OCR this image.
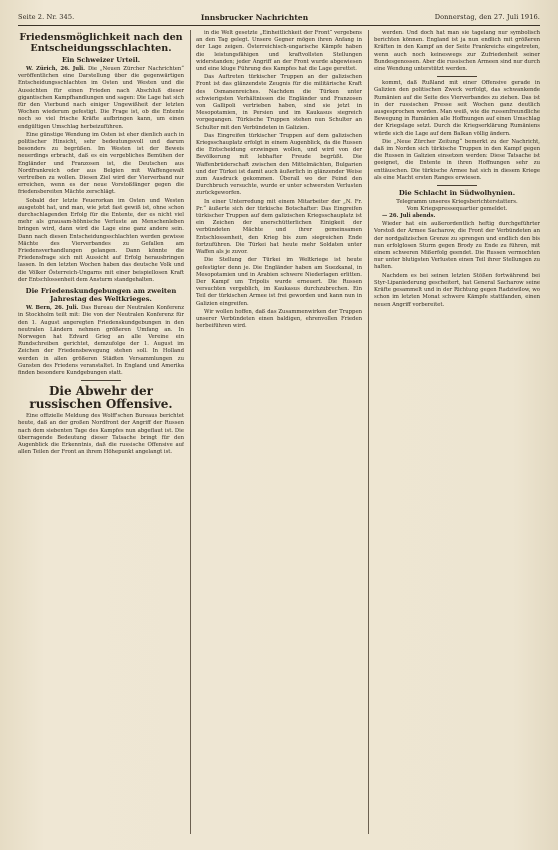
Seite 2. Nr. 345.	Innsbrucker Nachrichten	Donnerstag, den 27. Juli 1916.
Friedensmöglichkeit nach den Entscheidungsschlachten.
Ein Schweizer Urteil.

W. Zürich, 26. Juli. Die „Neuen Zürcher Nachrichten“ veröffentlichen eine Darstellung über die gegenwärtigen Entscheidungsschlachten im Osten und Westen und die Aussichten für einen Frieden nach Abschluß dieser gigantischen Kampfhandlungen und sagen: Die Lage hat sich für den Vierbund nach einiger Ungewißheit der letzten Wochen wiederum gefestigt. Die Frage ist, ob die Entente noch so viel frische Kräfte aufbringen kann, um einen endgültigen Umschlag herbeizuführen.

Eine günstige Wendung im Osten ist eher dienlich auch in politischer Hinsicht, sehr bedeutungsvoll und darum besonders zu begrüßen. Im Westen ist der Beweis neuerdings erbracht, daß es ein vergebliches Bemühen der Engländer und Franzosen ist, die Deutschen aus Nordfrankreich oder aus Belgien mit Waffengewalt vertreiben zu wollen. Diesen Ziel wird der Vierverband nur erreichen, wenn es der neue Vorstoßfänger gegen die friedensbereiten Mächte zerschlägt.

Sobald der letzte Feuerorkan im Osten und Westen ausgetobt hat, und man, wie jetzt fast gewiß ist, ohne schon durchschlagenden Erfolg für die Entente, der es nicht viel mehr als grausam-höhnische Verluste an Menschenleben bringen wird, dann wird die Lage eine ganz andere sein. Dann nach diesen Entscheidungsschlachten werden gewisse Mächte des Vierverbandes zu Gefallen am Friedensverhandlungen gelangen. Dann könnte die Friedensfrage sich mit Aussicht auf Erfolg herausbringen lassen. In den letzten Wochen haben das deutsche Volk und die Völker Österreich-Ungarns mit einer beispiellosen Kraft der Entschlossenheit dem Ansturm standgehalten.

Die Friedenskundgebungen am zweiten Jahrestag des Weltkrieges.

W. Bern, 26. Juli. Das Bureau der Neutralen Konferenz in Stockholm teilt mit: Die von der Neutralen Konferenz für den 1. August angeregten Friedenskundgebungen in den neutralen Ländern nehmen größeren Umfang an. In Norwegen hat Edvard Grieg an alle Vereine ein Rundschreiben gerichtet, demzufolge der 1. August im Zeichen der Friedensbewegung stehen soll. In Holland werden in allen größeren Städten Versammlungen zu Gunsten des Friedens veranstaltet. In England und Amerika finden besondere Kundgebungen statt.

Die Abwehr der russischen Offensive.

Eine offizielle Meldung des Wolff'schen Bureaus berichtet heute, daß an der großen Nordfront der Angriff der Russen nach dem siebenten Tage des Kampfes nun abgeflaut ist. Die überragende Bedeutung dieser Tatsache bringt für den Augenblick die Erkenntnis, daß die russische Offensive auf allen Teilen der Front an ihrem Höhepunkt angelangt ist.

in die Welt gesetzte „Einheitlichkeit der Front“ vergebens an den Tag gelegt. Unsere Gegner mögen ihren Anfang in der Lage zeigen. Österreichisch-ungarische Kämpfe haben die leistungsfähigen und kraftvollsten Stellungen widerstanden; jeder Angriff an der Front wurde abgewiesen und eine kluge Führung des Kampfes hat die Lage gerettet.

Das Auftreten türkischer Truppen an der galizischen Front ist das glänzendste Zeugnis für die militärische Kraft des Osmanenreiches. Nachdem die Türken unter schwierigsten Verhältnissen die Engländer und Franzosen von Gallipoli vertrieben haben, sind sie jetzt in Mesopotamien, in Persien und im Kaukasus siegreich vorgegangen. Türkische Truppen stehen nun Schulter an Schulter mit den Verbündeten in Galizien.

Das Eingreifen türkischer Truppen auf dem galizischen Kriegsschauplatz erfolgt in einem Augenblick, da die Russen die Entscheidung erzwingen wollen, und wird von der Bevölkerung mit lebhafter Freude begrüßt. Die Waffenbrüderschaft zwischen den Mittelmächten, Bulgarien und der Türkei ist damit auch äußerlich in glänzender Weise zum Ausdruck gekommen. Überall wo der Feind den Durchbruch versuchte, wurde er unter schwersten Verlusten zurückgeworfen.

In einer Unterredung mit einem Mitarbeiter der „N. Fr. Pr.“ äußerte sich der türkische Botschafter: Das Eingreifen türkischer Truppen auf dem galizischen Kriegsschauplatz ist ein Zeichen der unerschütterlichen Einigkeit der verbündeten Mächte und ihrer gemeinsamen Entschlossenheit, den Krieg bis zum siegreichen Ende fortzuführen. Die Türkei hat heute mehr Soldaten unter Waffen als je zuvor.

Die Stellung der Türkei im Weltkriege ist heute gefestigter denn je. Die Engländer haben am Suezkanal, in Mesopotamien und in Arabien schwere Niederlagen erlitten. Der Kampf um Tripolis wurde erneuert. Die Russen versuchten vergeblich, im Kaukasus durchzubrechen. Ein Teil der türkischen Armee ist frei geworden und kann nun in Galizien eingreifen.

Wir wollen hoffen, daß das Zusammenwirken der Truppen unserer Verbündeten einen baldigen, ehrenvollen Frieden herbeiführen wird.

werden. Und doch hat man sie tagelang nur symbolisch berichten können. England ist ja nun endlich mit größeren Kräften in den Kampf an der Seite Frankreichs eingetreten, wenn auch noch keineswegs zur Zufriedenheit seiner Bundesgenossen. Aber die russischen Armeen sind nur durch eine Wendung unterstützt werden.

kommt, daß Rußland mit einer Offensive gerade in Galizien den politischen Zweck verfolgt, das schwankende Rumänien auf die Seite des Vierverbandes zu ziehen. Das ist in der russischen Presse seit Wochen ganz deutlich ausgesprochen worden. Man weiß, wie die russenfreundliche Bewegung in Rumänien alle Hoffnungen auf einen Umschlag der Kriegslage setzt. Durch die Kriegserklärung Rumäniens würde sich die Lage auf dem Balkan völlig ändern.

Die „Neue Zürcher Zeitung“ bemerkt zu der Nachricht, daß im Norden sich türkische Truppen in den Kampf gegen die Russen in Galizien einsetzen werden: Diese Tatsache ist geeignet, die Entente in ihren Hoffnungen sehr zu enttäuschen. Die türkische Armee hat sich in diesem Kriege als eine Macht ersten Ranges erwiesen.

Die Schlacht in Südwolhynien.
Telegramm unseres Kriegsberichterstatters.
Vom Kriegspressequartier gemeldet.

— 26. Juli abends.

Wieder hat ein außerordentlich heftig durchgeführter Vorstoß der Armee Sacharow, die Front der Verbündeten an der nordgalizischen Grenze zu sprengen und endlich den bis nun erfolglosen Sturm gegen Brody zu Ende zu führen, mit einem schweren Mißerfolg geendet. Die Russen vermochten nur unter blutigsten Verlusten einen Teil ihrer Stellungen zu halten.

Nachdem es bei seinen letzten Stößen fortwährend bei Styr-Lipaniederung gescheitert, hat General Sacharow seine Kräfte gesammelt und in der Richtung gegen Radziwilow, wo schon im letzten Monat schwere Kämpfe stattfanden, einen neuen Angriff vorbereitet.
